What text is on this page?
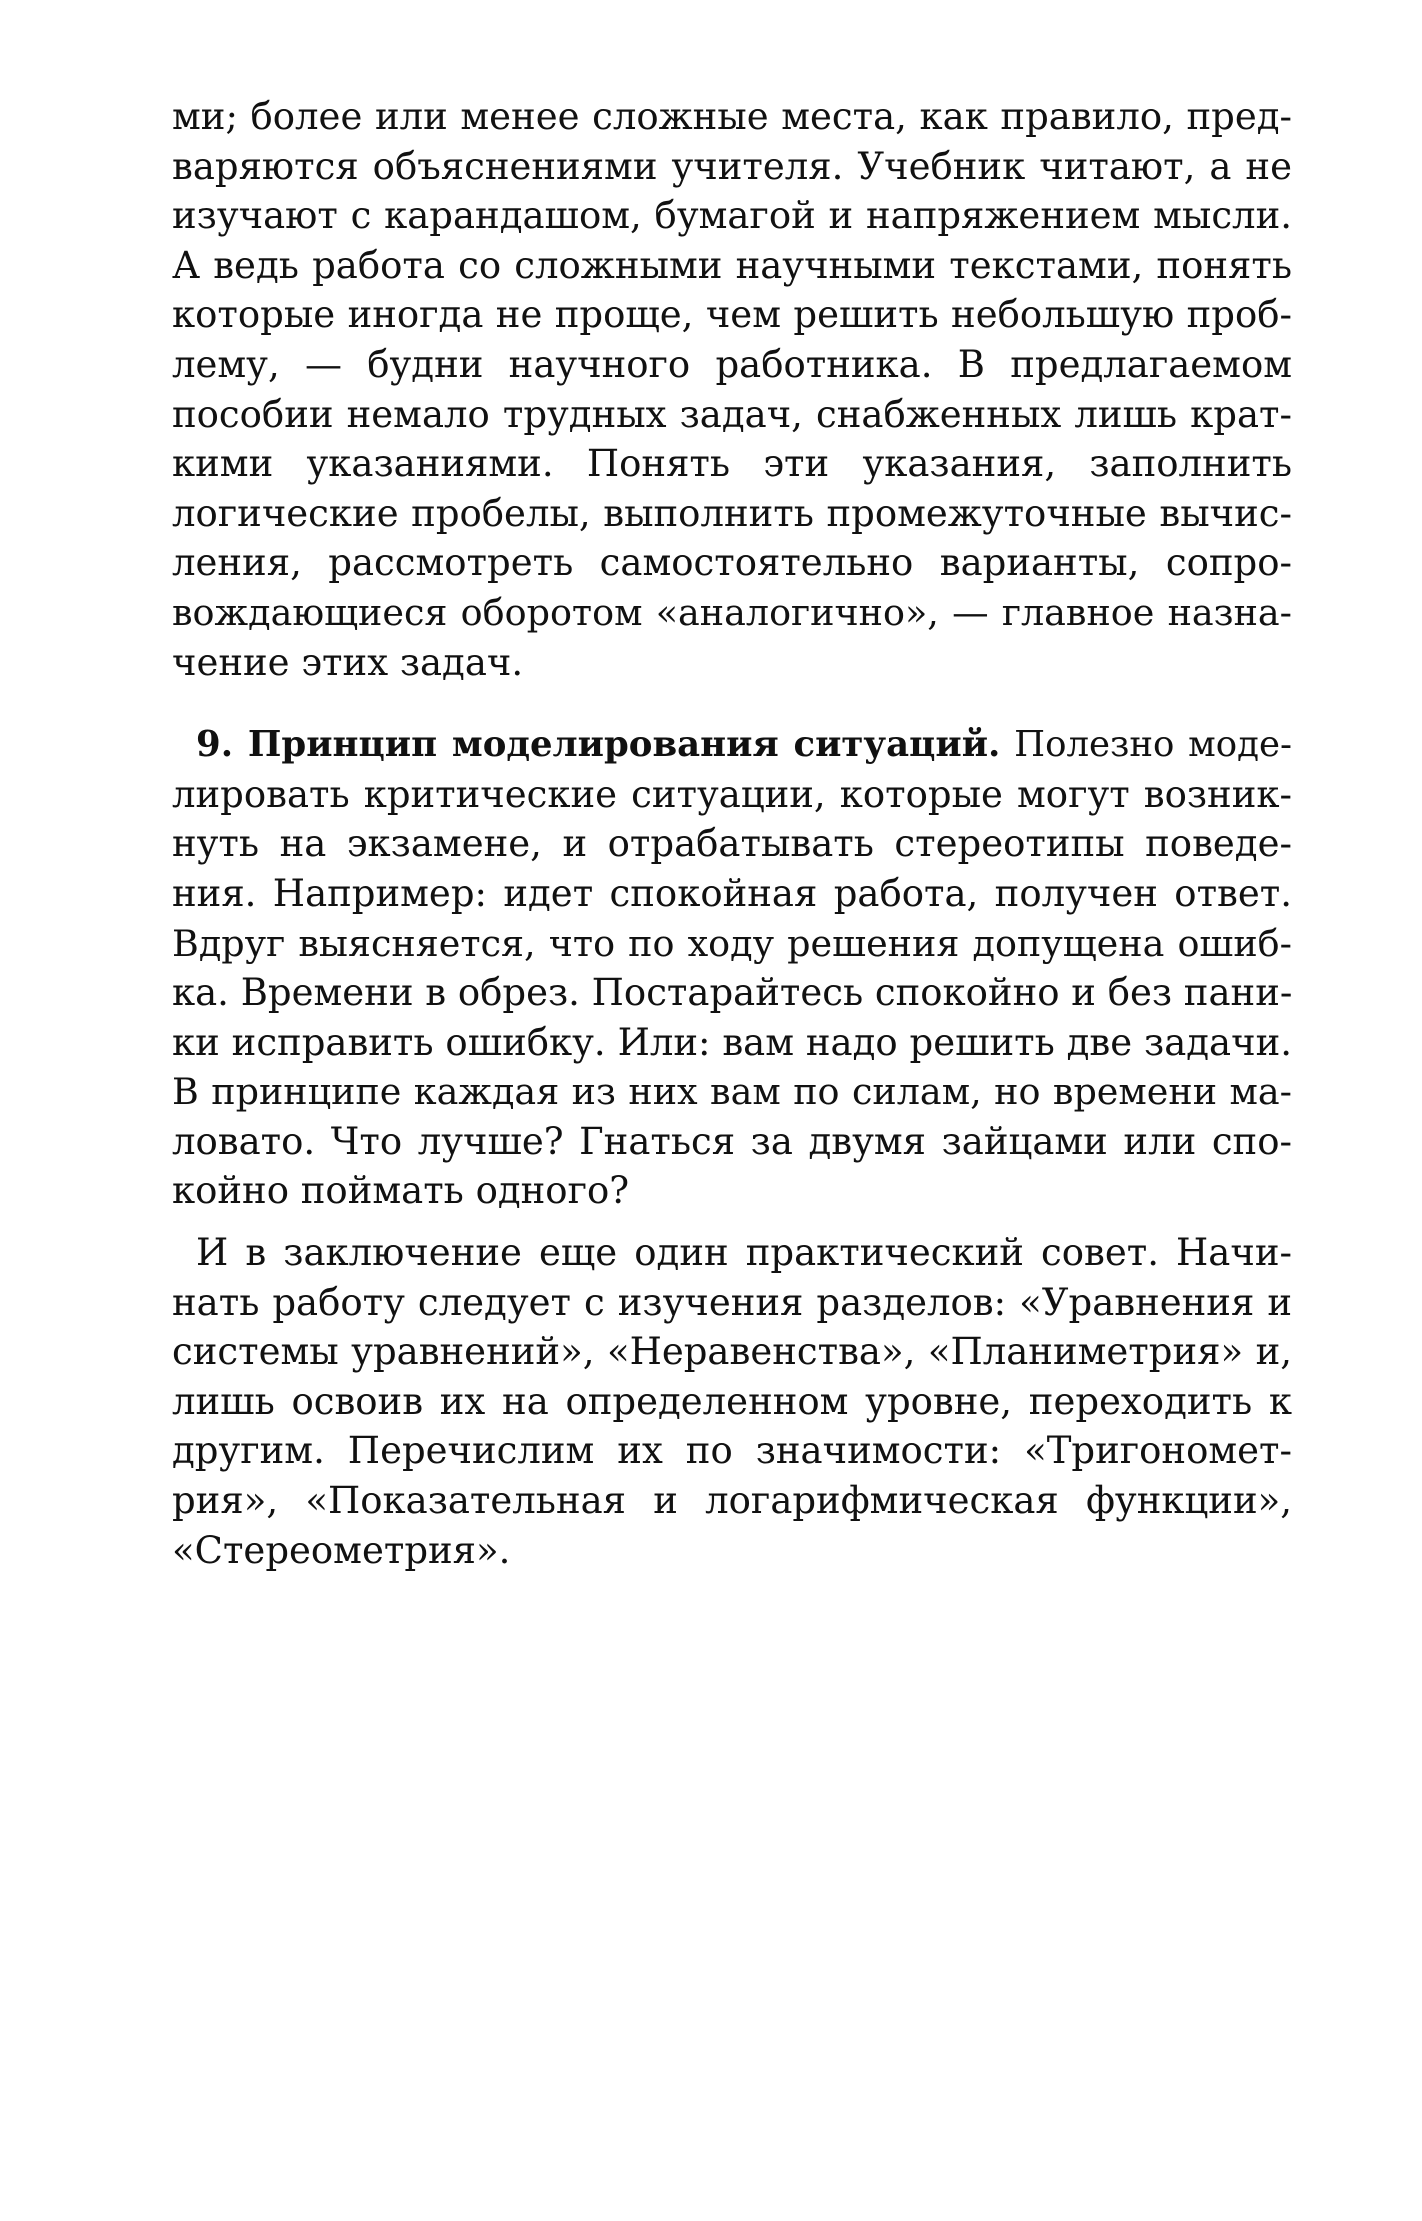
ми; более или менее сложные места, как правило, пред-
варяются объяснениями учителя. Учебник читают, а не
изучают с карандашом, бумагой и напряжением мысли.
А ведь работа со сложными научными текстами, понять
которые иногда не проще, чем решить небольшую проб-
лему, — будни научного работника. В предлагаемом
пособии немало трудных задач, снабженных лишь крат-
кими указаниями. Понять эти указания, заполнить
логические пробелы, выполнить промежуточные вычис-
ления, рассмотреть самостоятельно варианты, сопро-
вождающиеся оборотом «аналогично», — главное назна-
чение этих задач.
9. Принцип моделирования ситуаций. Полезно моде-
лировать критические ситуации, которые могут возник-
нуть на экзамене, и отрабатывать стереотипы поведе-
ния. Например: идет спокойная работа, получен ответ.
Вдруг выясняется, что по ходу решения допущена ошиб-
ка. Времени в обрез. Постарайтесь спокойно и без пани-
ки исправить ошибку. Или: вам надо решить две задачи.
В принципе каждая из них вам по силам, но времени ма-
ловато. Что лучше? Гнаться за двумя зайцами или спо-
койно поймать одного?
И в заключение еще один практический совет. Начи-
нать работу следует с изучения разделов: «Уравнения и
системы уравнений», «Неравенства», «Планиметрия» и,
лишь освоив их на определенном уровне, переходить к
другим. Перечислим их по значимости: «Тригономет-
рия», «Показательная и логарифмическая функции»,
«Стереометрия».
